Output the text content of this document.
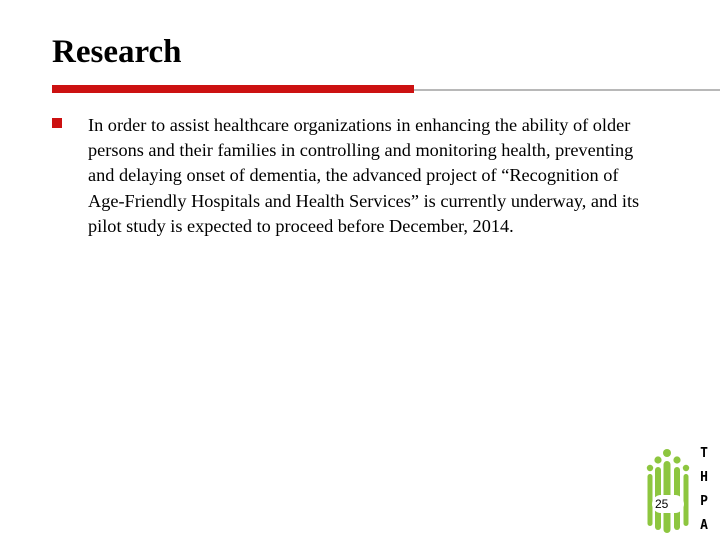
Research
In order to assist healthcare organizations in enhancing the ability of older persons and their families in controlling and monitoring health, preventing and delaying onset of dementia, the advanced project of “Recognition of Age-Friendly Hospitals and Health Services” is currently underway, and its pilot study is expected to proceed before December, 2014.
25
T
H
P
A
